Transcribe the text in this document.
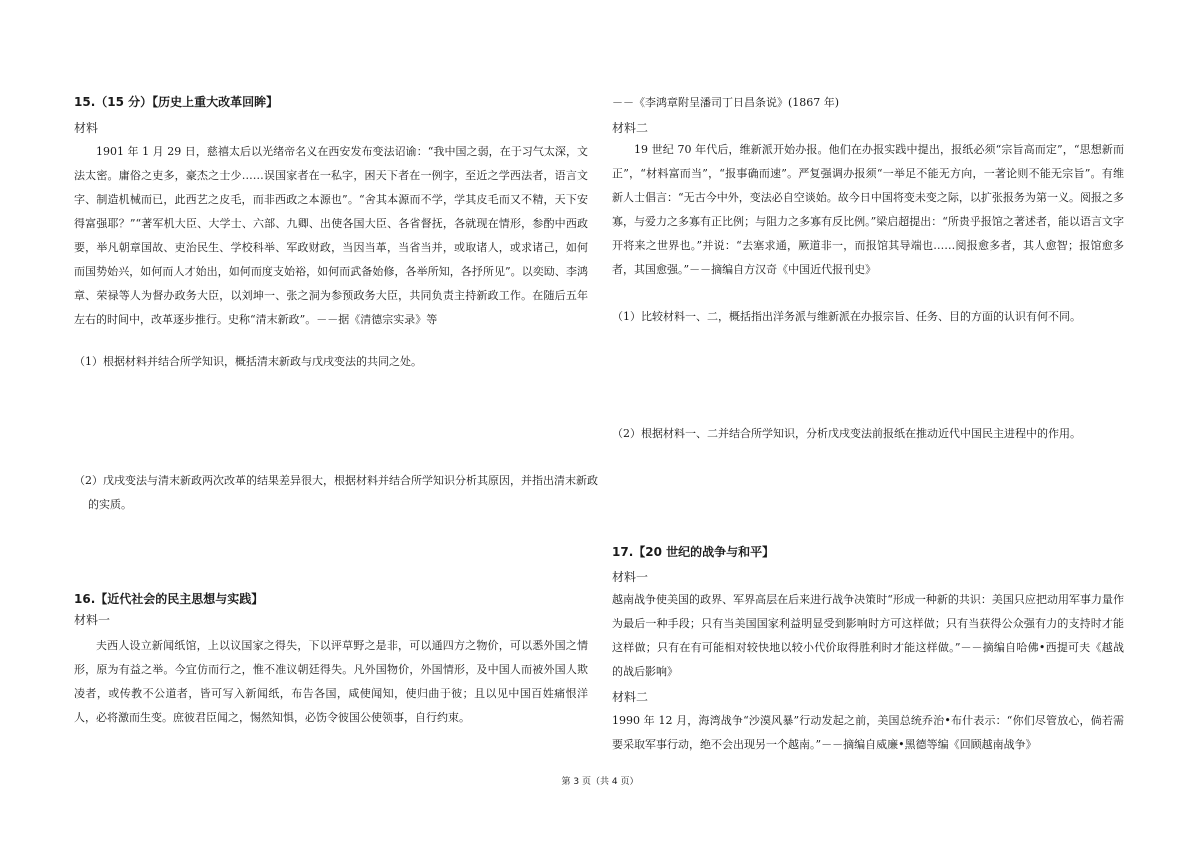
15.（15 分）【历史上重大改革回眸】
材料

1901 年 1 月 29 日，慈禧太后以光绪帝名义在西安发布变法诏谕：“我中国之弱，在于习气太深，文法太密。庸俗之吏多，豪杰之士少……误国家者在一私字，困天下者在一例字，至近之学西法者，语言文字、制造机械而已，此西艺之皮毛，而非西政之本源也”。“舍其本源而不学，学其皮毛而又不精，天下安得富强耶？”“著军机大臣、大学士、六部、九卿、出使各国大臣、各省督抚，各就现在情形，参酌中西政要，举凡朝章国故、吏治民生、学校科举、军政财政，当因当革，当省当并，或取诸人，或求诸己，如何而国势始兴，如何而人才始出，如何而度支始裕，如何而武备始修，各举所知，各抒所见”。以奕劻、李鸿章、荣禄等人为督办政务大臣，以刘坤一、张之洞为参预政务大臣，共同负责主持新政工作。在随后五年左右的时间中，改革逐步推行。史称“清末新政”。－－据《清德宗实录》等

（1）根据材料并结合所学知识，概括清末新政与戊戌变法的共同之处。

（2）戊戌变法与清末新政两次改革的结果差异很大，根据材料并结合所学知识分析其原因，并指出清末新政的实质。

16.【近代社会的民主思想与实践】
材料一

夫西人设立新闻纸馆，上以议国家之得失，下以评草野之是非，可以通四方之物价，可以悉外国之情形，原为有益之举。今宜仿而行之，惟不准议朝廷得失。凡外国物价，外国情形，及中国人而被外国人欺凌者，或传教不公道者，皆可写入新闻纸，布告各国，咸使闻知，使归曲于彼；且以见中国百姓痛恨洋人，必将激而生变。庶彼君臣闻之，惕然知惧，必饬令彼国公使领事，自行约束。

－－《李鸿章附呈潘司丁日昌条说》(1867 年)
材料二

19 世纪 70 年代后，维新派开始办报。他们在办报实践中提出，报纸必须“宗旨高而定”，“思想新而正”，“材料富而当”，“报事确而速”。严复强调办报须“一举足不能无方向，一著论则不能无宗旨”。有维新人士倡言：“无古今中外，变法必自空谈始。故今日中国将变未变之际，以扩张报务为第一义。阅报之多寡，与爱力之多寡有正比例；与阻力之多寡有反比例。”梁启超提出：“所贵乎报馆之著述者，能以语言文字开将来之世界也。”并说：“去塞求通，厥道非一，而报馆其导端也……阅报愈多者，其人愈智；报馆愈多者，其国愈强。”－－摘编自方汉奇《中国近代报刊史》

（1）比较材料一、二，概括指出洋务派与维新派在办报宗旨、任务、目的方面的认识有何不同。

（2）根据材料一、二并结合所学知识，分析戊戌变法前报纸在推动近代中国民主进程中的作用。

17.【20 世纪的战争与和平】
材料一

越南战争使美国的政界、军界高层在后来进行战争决策时“形成一种新的共识：美国只应把动用军事力量作为最后一种手段；只有当美国国家利益明显受到影响时方可这样做；只有当获得公众强有力的支持时才能这样做；只有在有可能相对较快地以较小代价取得胜利时才能这样做。”－－摘编自哈佛•西提可夫《越战的战后影响》

材料二

1990 年 12 月，海湾战争“沙漠风暴”行动发起之前，美国总统乔治•布什表示：“你们尽管放心，倘若需要采取军事行动，绝不会出现另一个越南。”－－摘编自威廉•黑德等编《回顾越南战争》

第 3 页（共 4 页）
